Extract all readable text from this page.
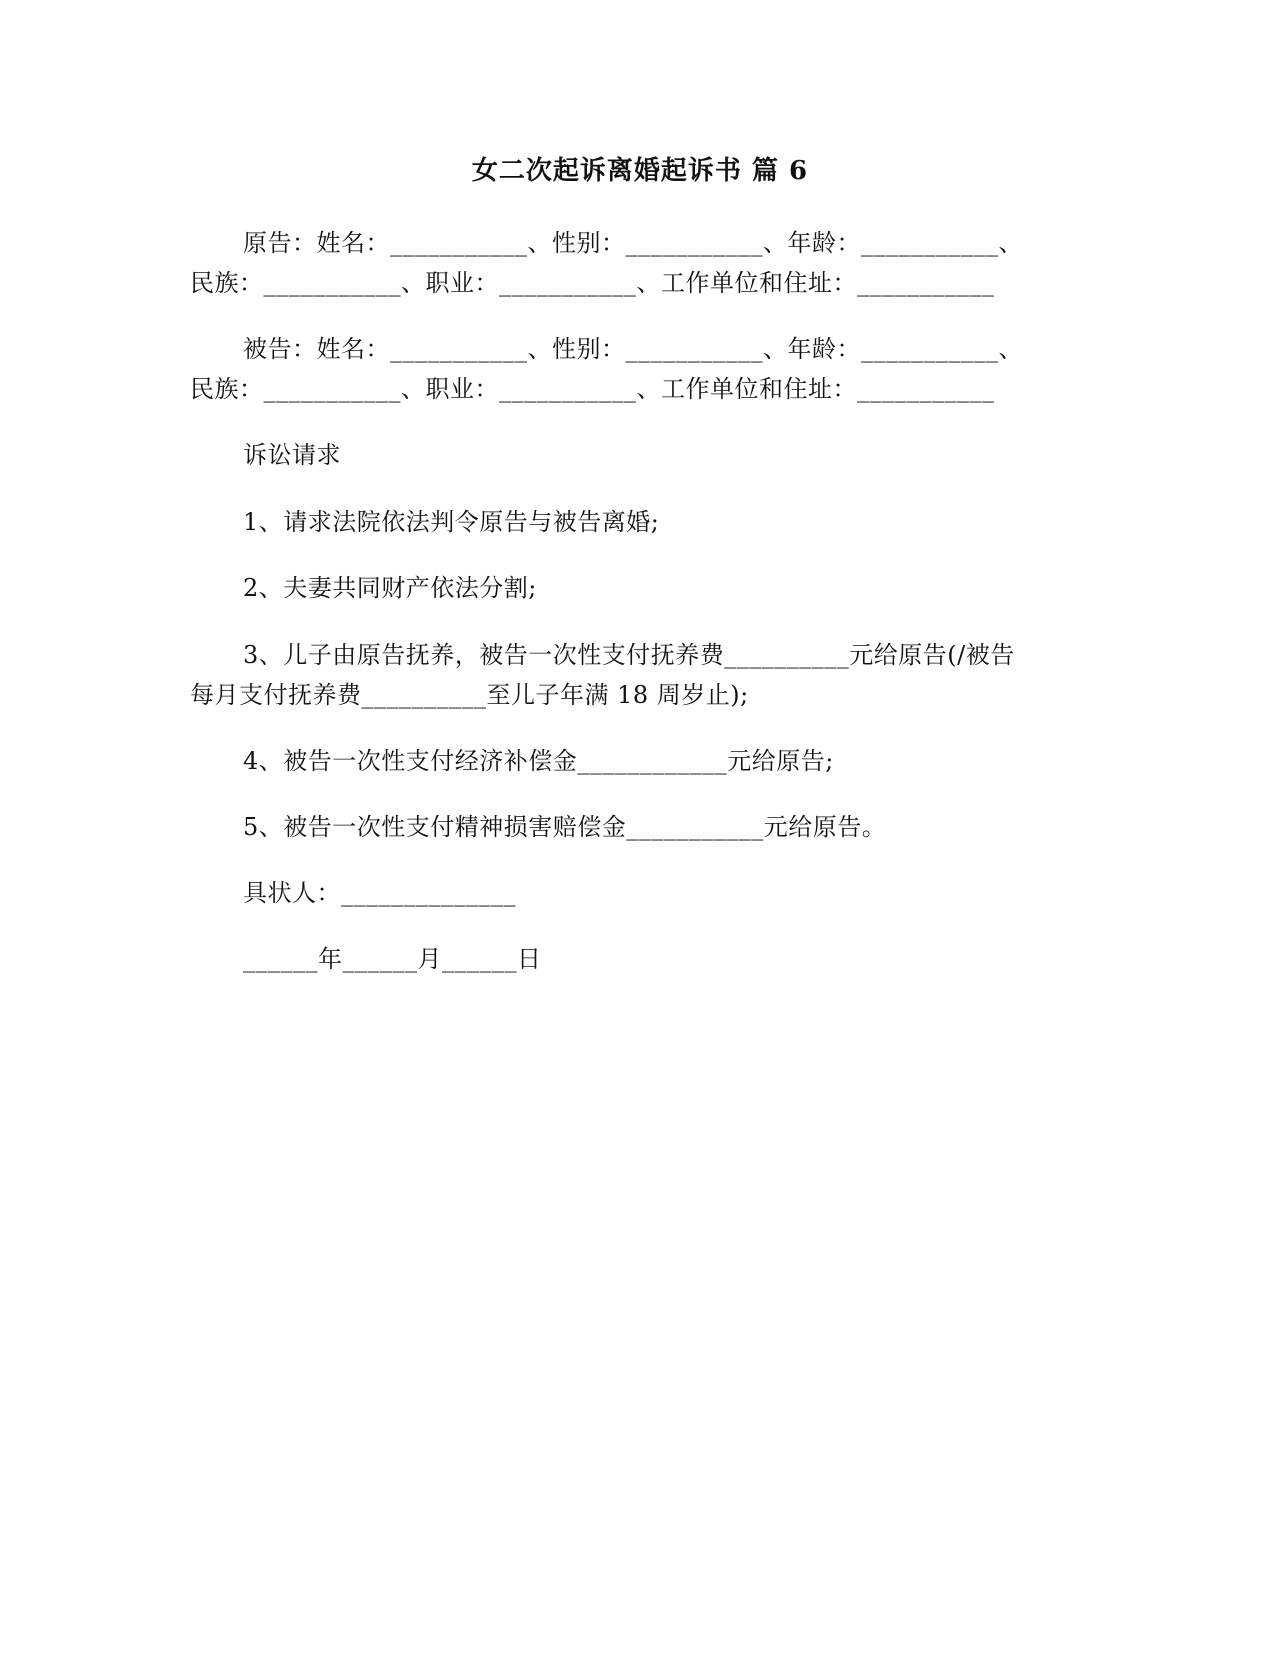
女二次起诉离婚起诉书 篇 6
原告：姓名：___________、性别：___________、年龄：___________、
民族：___________、职业：___________、工作单位和住址：___________
被告：姓名：___________、性别：___________、年龄：___________、
民族：___________、职业：___________、工作单位和住址：___________
诉讼请求
1、请求法院依法判令原告与被告离婚;
2、夫妻共同财产依法分割;
3、儿子由原告抚养，被告一次性支付抚养费__________元给原告(/被告
每月支付抚养费__________至儿子年满 18 周岁止);
4、被告一次性支付经济补偿金____________元给原告;
5、被告一次性支付精神损害赔偿金___________元给原告。
具状人：______________
______年______月______日
